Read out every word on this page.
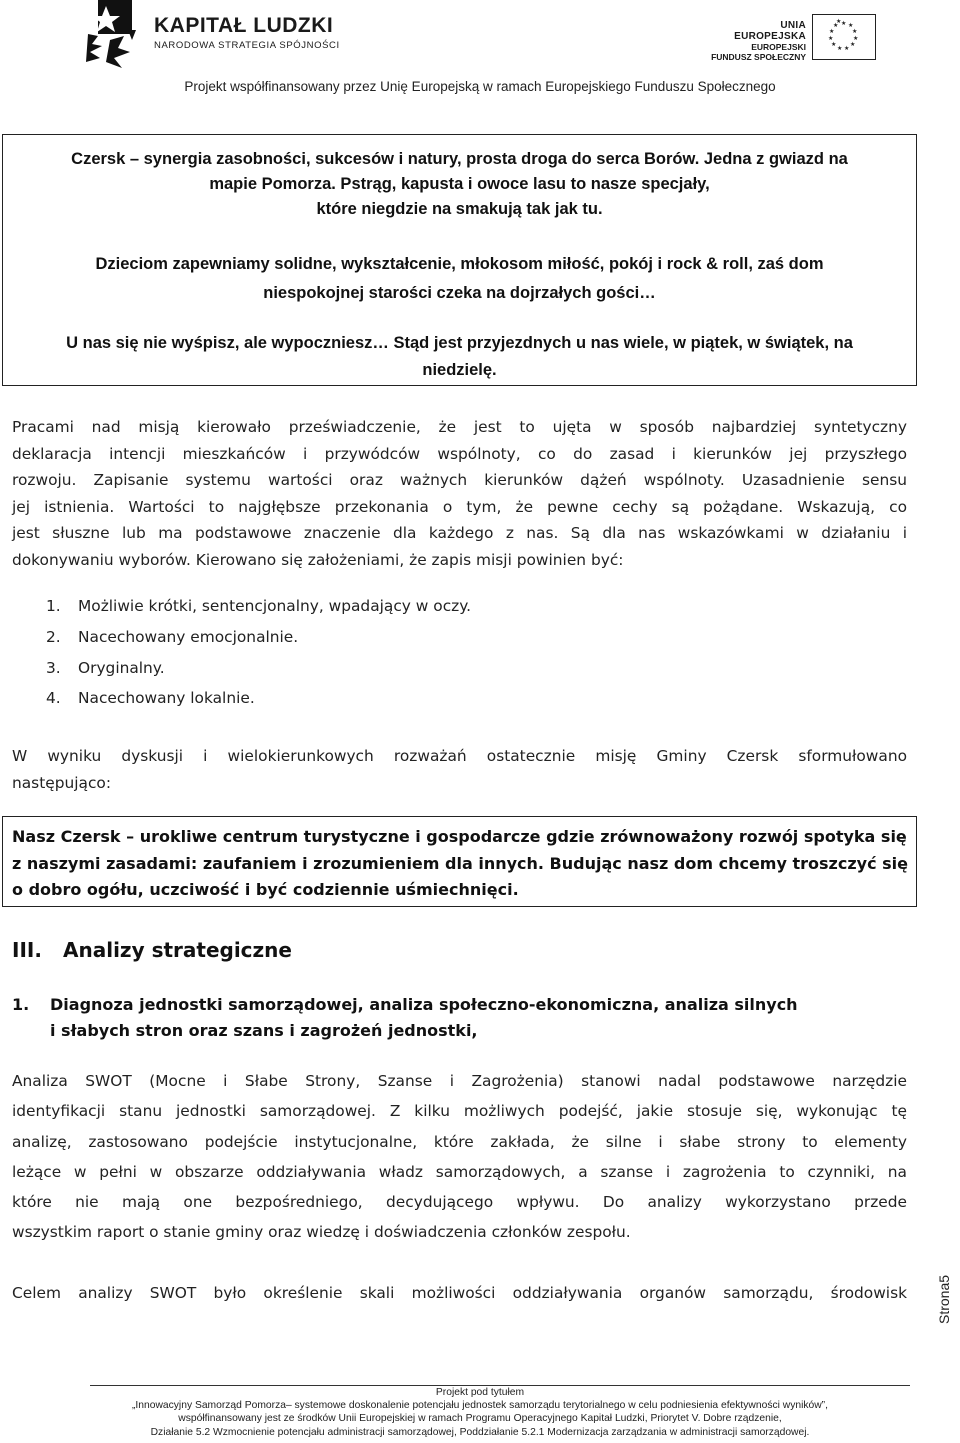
KAPITAŁ LUDZKI
NARODOWA STRATEGIA SPÓJNOŚCI
UNIA EUROPEJSKA
EUROPEJSKI
FUNDUSZ SPOŁECZNY
★ ★
★
★
★
★
★
★
★
★
★
★
Projekt współfinansowany przez Unię Europejską w ramach Europejskiego Funduszu Społecznego
Czersk – synergia zasobności, sukcesów i natury, prosta droga do serca Borów. Jedna z gwiazd na
mapie Pomorza. Pstrąg, kapusta i owoce lasu to nasze specjały,
które niegdzie na smakują tak jak tu.
Dzieciom zapewniamy solidne, wykształcenie, młokosom miłość, pokój i rock & roll, zaś dom
niespokojnej starości czeka na dojrzałych gości…
U nas się nie wyśpisz, ale wypoczniesz… Stąd jest przyjezdnych u nas wiele, w piątek, w świątek, na
niedzielę.
Pracami nad misją kierowało przeświadczenie, że jest to ujęta w sposób najbardziej syntetyczny
deklaracja intencji mieszkańców i przywódców wspólnoty, co do zasad i kierunków jej przyszłego
rozwoju. Zapisanie systemu wartości oraz ważnych kierunków dążeń wspólnoty. Uzasadnienie sensu
jej istnienia. Wartości to najgłębsze przekonania o tym, że pewne cechy są pożądane. Wskazują, co
jest słuszne lub ma podstawowe znaczenie dla każdego z nas. Są dla nas wskazówkami w działaniu i
dokonywaniu wyborów. Kierowano się założeniami, że zapis misji powinien być:
1. Możliwie krótki, sentencjonalny, wpadający w oczy.
2. Nacechowany emocjonalnie.
3. Oryginalny.
4. Nacechowany lokalnie.
W wyniku dyskusji i wielokierunkowych rozważań ostatecznie misję Gminy Czersk sformułowano
następująco:
Nasz Czersk – urokliwe centrum turystyczne i gospodarcze gdzie zrównoważony rozwój spotyka się
z naszymi zasadami: zaufaniem i zrozumieniem dla innych. Budując nasz dom chcemy troszczyć się
o dobro ogółu, uczciwość i być codziennie uśmiechnięci.
III. Analizy strategiczne
1. Diagnoza jednostki samorządowej, analiza społeczno-ekonomiczna, analiza silnych
i słabych stron oraz szans i zagrożeń jednostki,
Analiza SWOT (Mocne i Słabe Strony, Szanse i Zagrożenia) stanowi nadal podstawowe narzędzie
identyfikacji stanu jednostki samorządowej. Z kilku możliwych podejść, jakie stosuje się, wykonując tę
analizę, zastosowano podejście instytucjonalne, które zakłada, że silne i słabe strony to elementy
leżące w pełni w obszarze oddziaływania władz samorządowych, a szanse i zagrożenia to czynniki, na
które nie mają one bezpośredniego, decydującego wpływu. Do analizy wykorzystano przede
wszystkim raport o stanie gminy oraz wiedzę i doświadczenia członków zespołu.
Celem analizy SWOT było określenie skali możliwości oddziaływania organów samorządu, środowisk Strona5
Projekt pod tytułem
„Innowacyjny Samorząd Pomorza– systemowe doskonalenie potencjału jednostek samorządu terytorialnego w celu podniesienia efektywności wyników”,
współfinansowany jest ze środków Unii Europejskiej w ramach Programu Operacyjnego Kapitał Ludzki, Priorytet V. Dobre rządzenie,
Działanie 5.2 Wzmocnienie potencjału administracji samorządowej, Poddziałanie 5.2.1 Modernizacja zarządzania w administracji samorządowej.
